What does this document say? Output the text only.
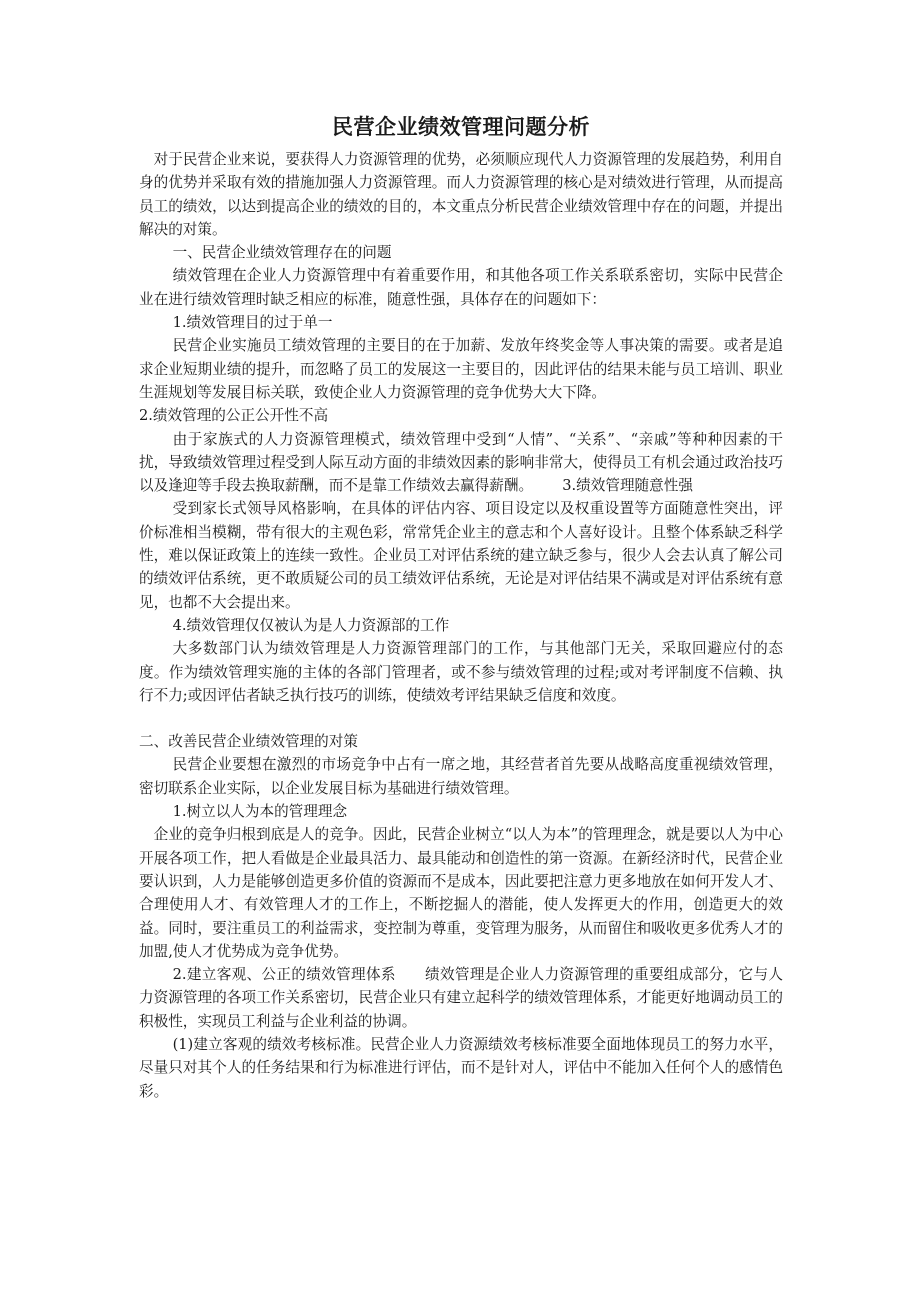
民营企业绩效管理问题分析

对于民营企业来说，要获得人力资源管理的优势，必须顺应现代人力资源管理的发展趋势，利用自身的优势并采取有效的措施加强人力资源管理。而人力资源管理的核心是对绩效进行管理，从而提高员工的绩效，以达到提高企业的绩效的目的，本文重点分析民营企业绩效管理中存在的问题，并提出解决的对策。

一、民营企业绩效管理存在的问题

绩效管理在企业人力资源管理中有着重要作用，和其他各项工作关系联系密切，实际中民营企业在进行绩效管理时缺乏相应的标准，随意性强，具体存在的问题如下：

1.绩效管理目的过于单一

民营企业实施员工绩效管理的主要目的在于加薪、发放年终奖金等人事决策的需要。或者是追求企业短期业绩的提升，而忽略了员工的发展这一主要目的，因此评估的结果未能与员工培训、职业生涯规划等发展目标关联，致使企业人力资源管理的竞争优势大大下降。

2.绩效管理的公正公开性不高

由于家族式的人力资源管理模式，绩效管理中受到“人情”、“关系”、“亲戚”等种种因素的干扰，导致绩效管理过程受到人际互动方面的非绩效因素的影响非常大，使得员工有机会通过政治技巧以及逢迎等手段去换取薪酬，而不是靠工作绩效去赢得薪酬。 3.绩效管理随意性强

受到家长式领导风格影响，在具体的评估内容、项目设定以及权重设置等方面随意性突出，评价标准相当模糊，带有很大的主观色彩，常常凭企业主的意志和个人喜好设计。且整个体系缺乏科学性，难以保证政策上的连续一致性。企业员工对评估系统的建立缺乏参与，很少人会去认真了解公司的绩效评估系统，更不敢质疑公司的员工绩效评估系统，无论是对评估结果不满或是对评估系统有意见，也都不大会提出来。

4.绩效管理仅仅被认为是人力资源部的工作

大多数部门认为绩效管理是人力资源管理部门的工作，与其他部门无关，采取回避应付的态度。作为绩效管理实施的主体的各部门管理者，或不参与绩效管理的过程;或对考评制度不信赖、执行不力;或因评估者缺乏执行技巧的训练，使绩效考评结果缺乏信度和效度。

二、改善民营企业绩效管理的对策

民营企业要想在激烈的市场竞争中占有一席之地，其经营者首先要从战略高度重视绩效管理，密切联系企业实际，以企业发展目标为基础进行绩效管理。

1.树立以人为本的管理理念

企业的竞争归根到底是人的竞争。因此，民营企业树立“以人为本”的管理理念，就是要以人为中心开展各项工作，把人看做是企业最具活力、最具能动和创造性的第一资源。在新经济时代，民营企业要认识到，人力是能够创造更多价值的资源而不是成本，因此要把注意力更多地放在如何开发人才、合理使用人才、有效管理人才的工作上，不断挖掘人的潜能，使人发挥更大的作用，创造更大的效益。同时，要注重员工的利益需求，变控制为尊重，变管理为服务，从而留住和吸收更多优秀人才的加盟,使人才优势成为竞争优势。

2.建立客观、公正的绩效管理体系 绩效管理是企业人力资源管理的重要组成部分，它与人力资源管理的各项工作关系密切，民营企业只有建立起科学的绩效管理体系，才能更好地调动员工的积极性，实现员工利益与企业利益的协调。

(1)建立客观的绩效考核标准。民营企业人力资源绩效考核标准要全面地体现员工的努力水平，尽量只对其个人的任务结果和行为标准进行评估，而不是针对人，评估中不能加入任何个人的感情色彩。
